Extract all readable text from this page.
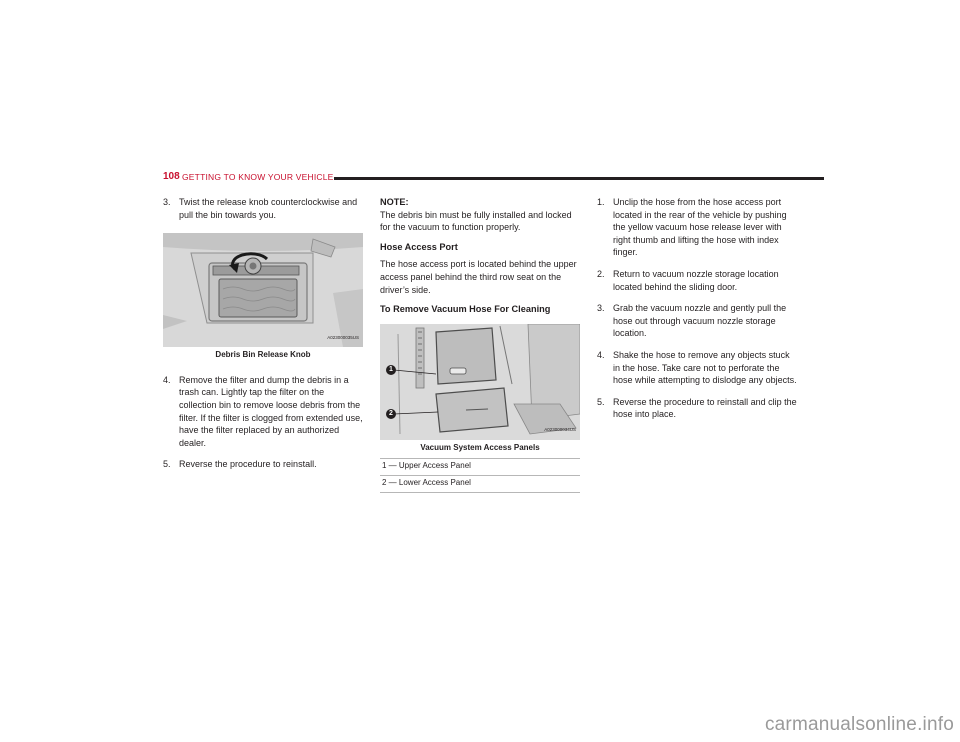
108 GETTING TO KNOW YOUR VEHICLE
3. Twist the release knob counterclockwise and pull the bin towards you.
A023000035US
Debris Bin Release Knob
4. Remove the filter and dump the debris in a trash can. Lightly tap the filter on the collection bin to remove loose debris from the filter. If the filter is clogged from extended use, have the filter replaced by an authorized dealer.
5. Reverse the procedure to reinstall.
NOTE:
The debris bin must be fully installed and locked for the vacuum to function properly.
Hose Access Port
The hose access port is located behind the upper access panel behind the third row seat on the driver’s side.
To Remove Vacuum Hose For Cleaning
1
2
A023000034US
Vacuum System Access Panels
1 — Upper Access Panel
2 — Lower Access Panel
1. Unclip the hose from the hose access port located in the rear of the vehicle by pushing the yellow vacuum hose release lever with right thumb and lifting the hose with index finger.
2. Return to vacuum nozzle storage location located behind the sliding door.
3. Grab the vacuum nozzle and gently pull the hose out through vacuum nozzle storage location.
4. Shake the hose to remove any objects stuck in the hose. Take care not to perforate the hose while attempting to dislodge any objects.
5. Reverse the procedure to reinstall and clip the hose into place.
carmanualsonline.info
